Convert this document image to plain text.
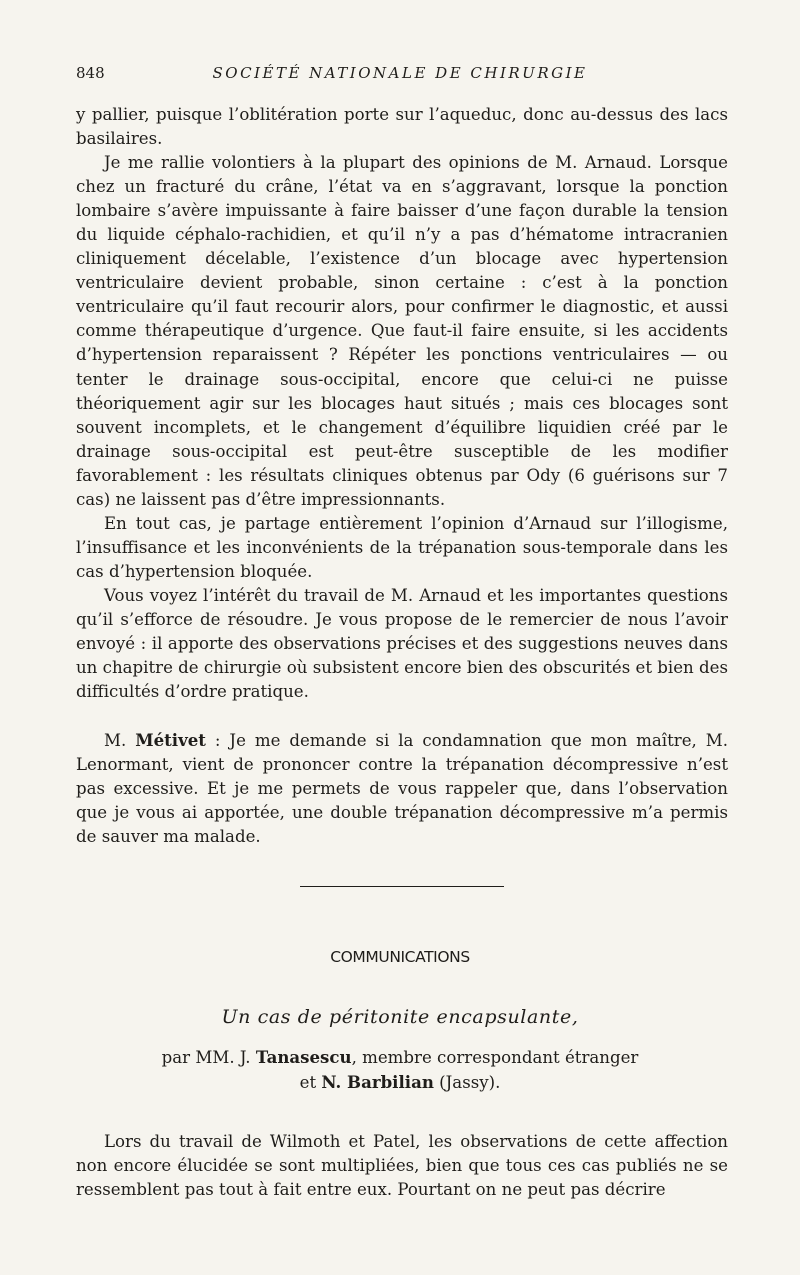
848	SOCIÉTÉ NATIONALE DE CHIRURGIE

y pallier, puisque l’oblitération porte sur l’aqueduc, donc au-dessus des lacs basilaires.

Je me rallie volontiers à la plupart des opinions de M. Arnaud. Lorsque chez un fracturé du crâne, l’état va en s’aggravant, lorsque la ponction lombaire s’avère impuissante à faire baisser d’une façon durable la tension du liquide céphalo-rachidien, et qu’il n’y a pas d’hématome intracranien cliniquement décelable, l’existence d’un blocage avec hypertension ventriculaire devient probable, sinon certaine : c’est à la ponction ventriculaire qu’il faut recourir alors, pour confirmer le diagnostic, et aussi comme thérapeutique d’urgence. Que faut-il faire ensuite, si les accidents d’hypertension reparaissent ? Répéter les ponctions ventriculaires — ou tenter le drainage sous-occipital, encore que celui-ci ne puisse théoriquement agir sur les blocages haut situés ; mais ces blocages sont souvent incomplets, et le changement d’équilibre liquidien créé par le drainage sous-occipital est peut-être susceptible de les modifier favorablement : les résultats cliniques obtenus par Ody (6 guérisons sur 7 cas) ne laissent pas d’être impressionnants.

En tout cas, je partage entièrement l’opinion d’Arnaud sur l’illogisme, l’insuffisance et les inconvénients de la trépanation sous-temporale dans les cas d’hypertension bloquée.

Vous voyez l’intérêt du travail de M. Arnaud et les importantes questions qu’il s’efforce de résoudre. Je vous propose de le remercier de nous l’avoir envoyé : il apporte des observations précises et des suggestions neuves dans un chapitre de chirurgie où subsistent encore bien des obscurités et bien des difficultés d’ordre pratique.

M. Métivet : Je me demande si la condamnation que mon maître, M. Lenormant, vient de prononcer contre la trépanation décompressive n’est pas excessive. Et je me permets de vous rappeler que, dans l’observation que je vous ai apportée, une double trépanation décompressive m’a permis de sauver ma malade.

COMMUNICATIONS
Un cas de péritonite encapsulante,
par MM. J. Tanasescu, membre correspondant étranger
et N. Barbilian (Jassy).

Lors du travail de Wilmoth et Patel, les observations de cette affection non encore élucidée se sont multipliées, bien que tous ces cas publiés ne se ressemblent pas tout à fait entre eux. Pourtant on ne peut pas décrire
